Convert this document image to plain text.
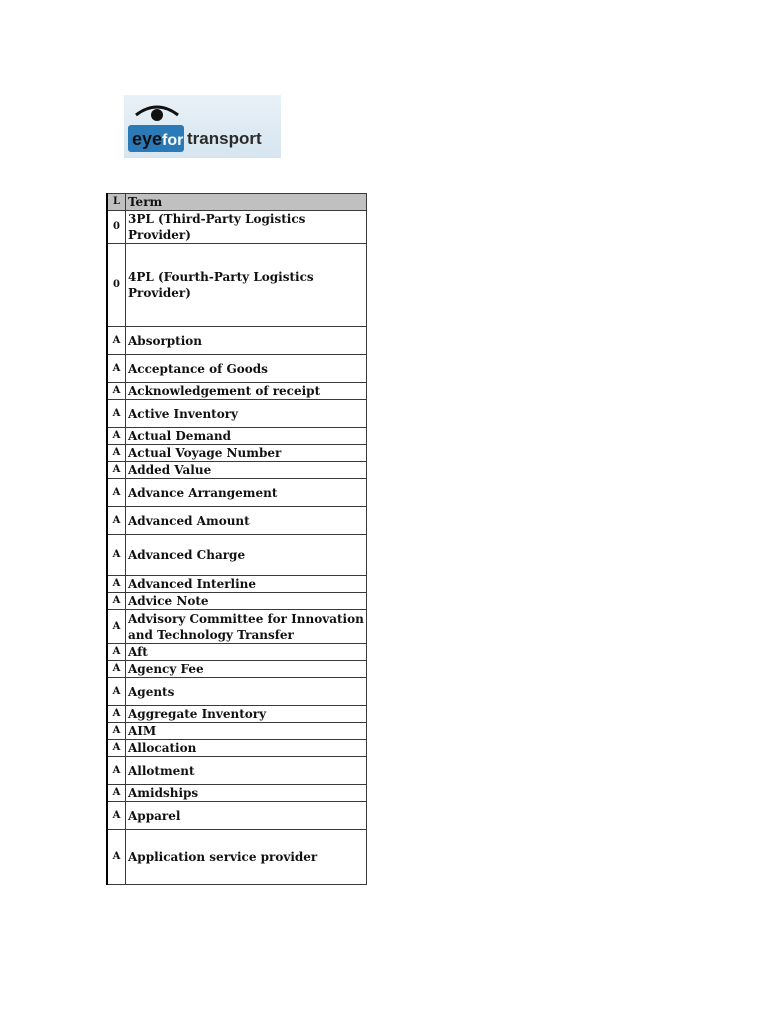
eye for transport
L	Term
0	3PL (Third-Party Logistics Provider)
0	4PL (Fourth-Party Logistics Provider)
A	Absorption
A	Acceptance of Goods
A	Acknowledgement of receipt
A	Active Inventory
A	Actual Demand
A	Actual Voyage Number
A	Added Value
A	Advance Arrangement
A	Advanced Amount
A	Advanced Charge
A	Advanced Interline
A	Advice Note
A	Advisory Committee for Innovation and Technology Transfer
A	Aft
A	Agency Fee
A	Agents
A	Aggregate Inventory
A	AIM
A	Allocation
A	Allotment
A	Amidships
A	Apparel
A	Application service provider
